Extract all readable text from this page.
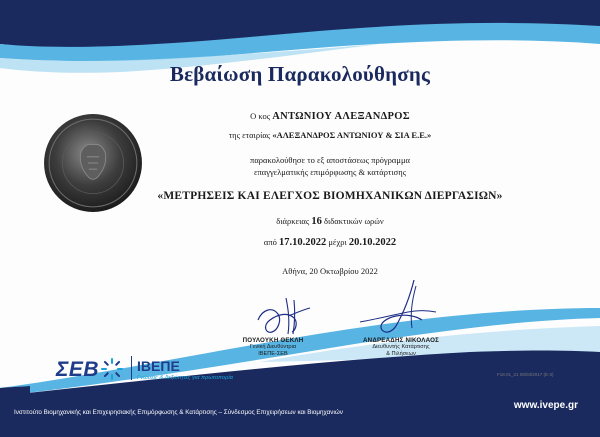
Βεβαίωση Παρακολούθησης
Ο κος ΑΝΤΩΝΙΟΥ ΑΛΕΞΑΝΔΡΟΣ
της εταιρίας «ΑΛΕΞΑΝΔΡΟΣ ΑΝΤΩΝΙΟΥ & ΣΙΑ Ε.Ε.»
παρακολούθησε το εξ αποστάσεως πρόγραμμα
επαγγελματικής επιμόρφωσης & κατάρτισης
«ΜΕΤΡΗΣΕΙΣ ΚΑΙ ΕΛΕΓΧΟΣ ΒΙΟΜΗΧΑΝΙΚΩΝ ΔΙΕΡΓΑΣΙΩΝ»
διάρκειας 16 διδακτικών ωρών
από 17.10.2022 μέχρι 20.10.2022
Αθήνα, 20 Οκτωβρίου 2022
ΠΟΥΛΟΥΚΗ ΘΕΚΛΗ
Γενική Διευθύντρια
ΙΒΕΠΕ-ΣΕΒ
ΑΝΔΡΕΑΔΗΣ ΝΙΚΟΛΑΟΣ
Διευθυντής Κατάρτισης
& Πιλήσεων
F18.01_21 08/03/2017 (E-3)
ΣΕΒ	ΙΒΕΠΕ
Γνώσεις & δεξιότητες για πρωτοπορία
Ινστιτούτο Βιομηχανικής και Επιχειρησιακής Επιμόρφωσης & Κατάρτισης – Σύνδεσμος Επιχειρήσεων και Βιομηχανιών
www.ivepe.gr
